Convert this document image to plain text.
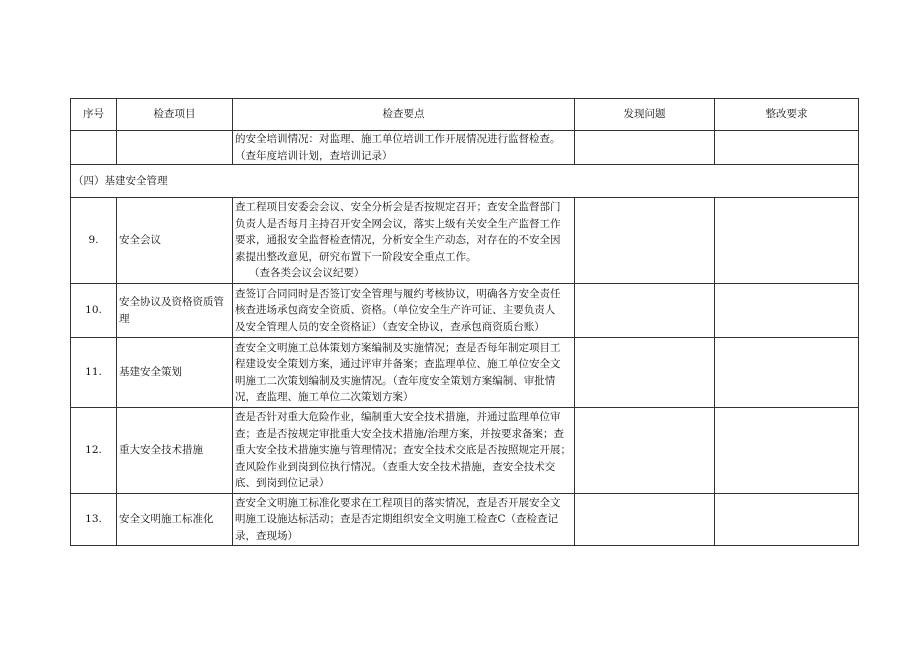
序号	检查项目	检查要点	发现问题	整改要求

		的安全培训情况：对监理、施工单位培训工作开展情况进行监督检查。
（查年度培训计划，查培训记录）		

（四）基建安全管理				
9.	安全会议	查工程项目安委会会议、安全分析会是否按规定召开；查安全监督部门
负责人是否每月主持召开安全网会议，落实上级有关安全生产监督工作
要求，通报安全监督检查情况，分析安全生产动态，对存在的不安全因
素提出整改意见，研究布置下一阶段安全重点工作。
（查各类会议会议纪要）		

10.	安全协议及资格资质管理	查签订合同同时是否签订安全管理与履约考核协议，明确各方安全责任
核查进场承包商安全资质、资格。（单位安全生产许可证、主要负责人
及安全管理人员的安全资格证）（查安全协议，查承包商资质台账）		

11.	基建安全策划	查安全文明施工总体策划方案编制及实施情况；查是否每年制定项目工
程建设安全策划方案，通过评审并备案；查监理单位、施工单位安全文
明施工二次策划编制及实施情况。（查年度安全策划方案编制、审批情
况，查监理、施工单位二次策划方案）		

12.	重大安全技术措施	查是否针对重大危险作业，编制重大安全技术措施，并通过监理单位审
查；查是否按规定审批重大安全技术措施/治理方案，并按要求备案；查
重大安全技术措施实施与管理情况；查安全技术交底是否按照规定开展；
查风险作业到岗到位执行情况。（查重大安全技术措施，查安全技术交
底、到岗到位记录）		

13.	安全文明施工标准化	查安全文明施工标准化要求在工程项目的落实情况，查是否开展安全文
明施工设施达标活动；查是否定期组织安全文明施工检查C（查检查记
录，查现场）		
